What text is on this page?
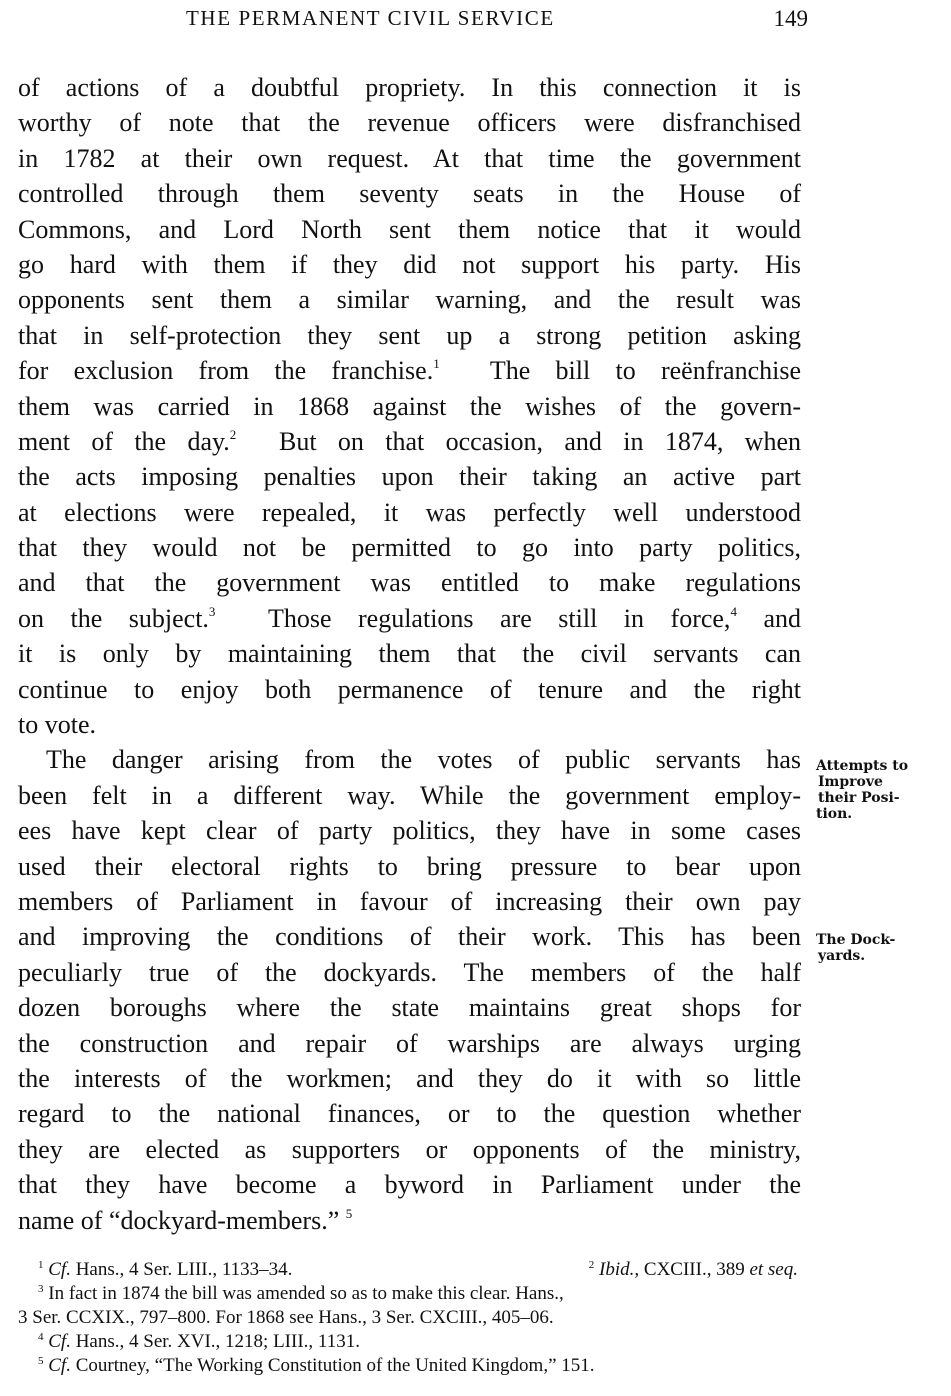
THE PERMANENT CIVIL SERVICE	149
of actions of a doubtful propriety. In this connection it is
worthy of note that the revenue officers were disfranchised
in 1782 at their own request. At that time the government
controlled through them seventy seats in the House of
Commons, and Lord North sent them notice that it would
go hard with them if they did not support his party. His
opponents sent them a similar warning, and the result was
that in self-protection they sent up a strong petition asking
for exclusion from the franchise.$^1$ The bill to reënfranchise
them was carried in 1868 against the wishes of the govern-
ment of the day.$^2$ But on that occasion, and in 1874, when
the acts imposing penalties upon their taking an active part
at elections were repealed, it was perfectly well understood
that they would not be permitted to go into party politics,
and that the government was entitled to make regulations
on the subject.$^3$ Those regulations are still in force,$^4$ and
it is only by maintaining them that the civil servants can
continue to enjoy both permanence of tenure and the right
to vote.
The danger arising from the votes of public servants has
been felt in a different way. While the government employ-
ees have kept clear of party politics, they have in some cases
used their electoral rights to bring pressure to bear upon
members of Parliament in favour of increasing their own pay
and improving the conditions of their work. This has been
peculiarly true of the dockyards. The members of the half
dozen boroughs where the state maintains great shops for
the construction and repair of warships are always urging
the interests of the workmen; and they do it with so little
regard to the national finances, or to the question whether
they are elected as supporters or opponents of the ministry,
that they have become a byword in Parliament under the
name of “dockyard-members.” $^5$
Attempts to
Improve
their Posi-
tion.
The Dock-
yards.
$^1$ Cf. Hans., 4 Ser. LIII., 1133–34.	$^2$ Ibid., CXCIII., 389 et seq.
$^3$ In fact in 1874 the bill was amended so as to make this clear. Hans.,
3 Ser. CCXIX., 797–800. For 1868 see Hans., 3 Ser. CXCIII., 405–06.
$^4$ Cf. Hans., 4 Ser. XVI., 1218; LIII., 1131.
$^5$ Cf. Courtney, “The Working Constitution of the United Kingdom,” 151.
